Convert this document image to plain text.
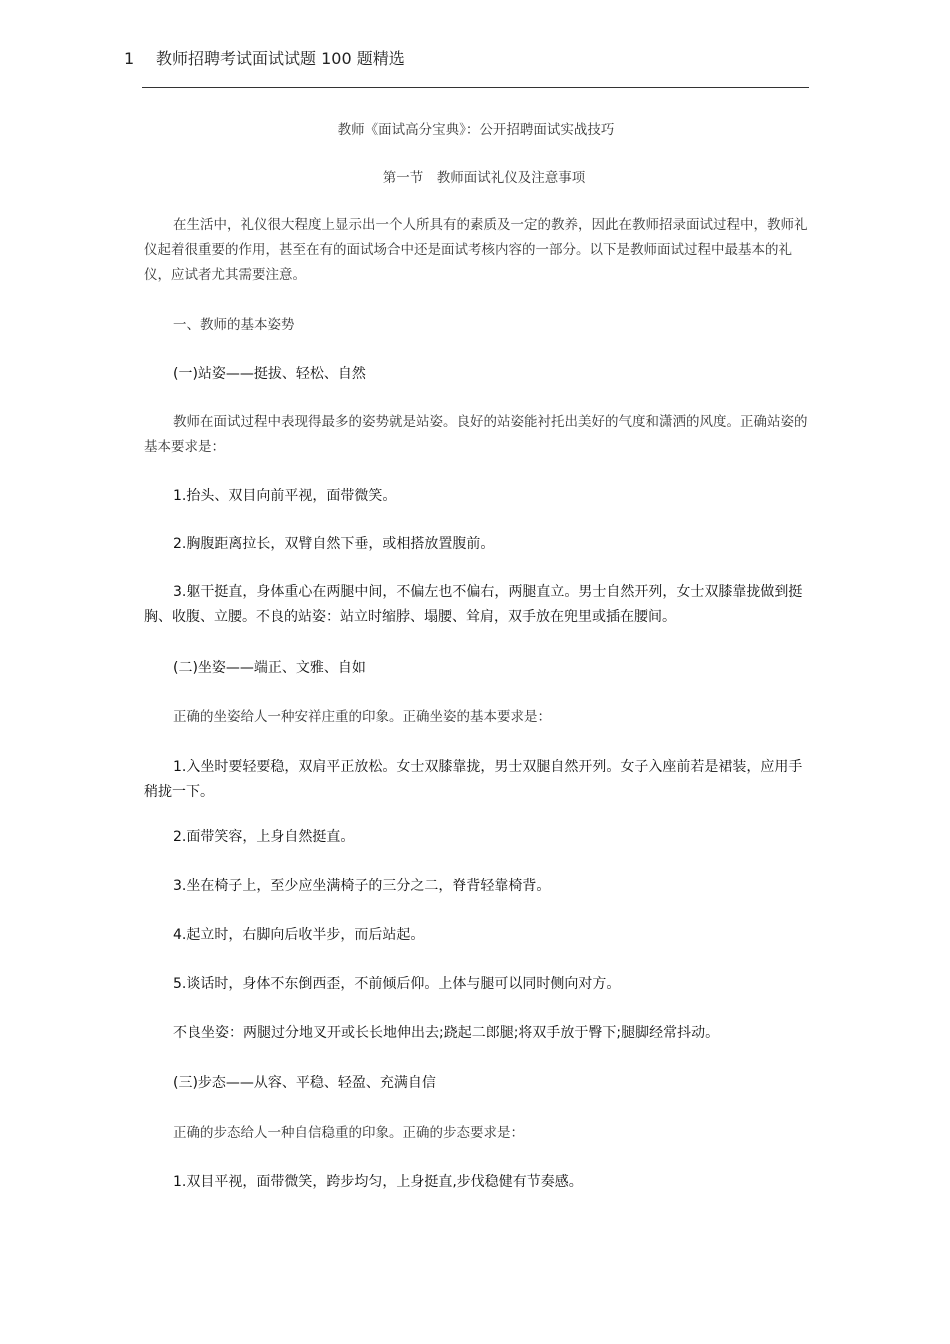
1 教师招聘考试面试试题 100 题精选

教师《面试高分宝典》：公开招聘面试实战技巧

第一节　教师面试礼仪及注意事项

在生活中，礼仪很大程度上显示出一个人所具有的素质及一定的教养，因此在教师招录面试过程中，教师礼仪起着很重要的作用，甚至在有的面试场合中还是面试考核内容的一部分。以下是教师面试过程中最基本的礼仪，应试者尤其需要注意。

一、教师的基本姿势

(一)站姿——挺拔、轻松、自然

教师在面试过程中表现得最多的姿势就是站姿。良好的站姿能衬托出美好的气度和潇洒的风度。正确站姿的基本要求是：

1.抬头、双目向前平视，面带微笑。

2.胸腹距离拉长，双臂自然下垂，或相搭放置腹前。

3.躯干挺直，身体重心在两腿中间，不偏左也不偏右，两腿直立。男士自然开列，女士双膝靠拢做到挺胸、收腹、立腰。不良的站姿：站立时缩脖、塌腰、耸肩，双手放在兜里或插在腰间。

(二)坐姿——端正、文雅、自如

正确的坐姿给人一种安祥庄重的印象。正确坐姿的基本要求是：

1.入坐时要轻要稳，双肩平正放松。女士双膝靠拢，男士双腿自然开列。女子入座前若是裙装，应用手稍拢一下。

2.面带笑容，上身自然挺直。

3.坐在椅子上，至少应坐满椅子的三分之二，脊背轻靠椅背。

4.起立时，右脚向后收半步，而后站起。

5.谈话时，身体不东倒西歪，不前倾后仰。上体与腿可以同时侧向对方。

不良坐姿：两腿过分地叉开或长长地伸出去;跷起二郎腿;将双手放于臀下;腿脚经常抖动。

(三)步态——从容、平稳、轻盈、充满自信

正确的步态给人一种自信稳重的印象。正确的步态要求是：

1.双目平视，面带微笑，跨步均匀，上身挺直,步伐稳健有节奏感。
